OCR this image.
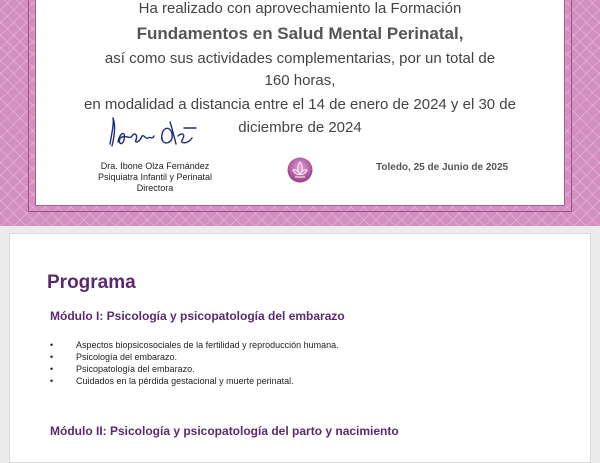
Ha realizado con aprovechamiento la Formación
Fundamentos en Salud Mental Perinatal,
así como sus actividades complementarias, por un total de
160 horas,
en modalidad a distancia entre el 14 de enero de 2024 y el 30 de
diciembre de 2024
Dra. Ibone Olza Fernández
Psiquiatra Infantil y Perinatal
Directora
Toledo, 25 de Junio de 2025
Programa
Módulo I: Psicología y psicopatología del embarazo
• Aspectos biopsicosociales de la fertilidad y reproducción humana.
• Psicología del embarazo.
• Psicopatología del embarazo.
• Cuidados en la pérdida gestacional y muerte perinatal.
Módulo II: Psicología y psicopatología del parto y nacimiento
